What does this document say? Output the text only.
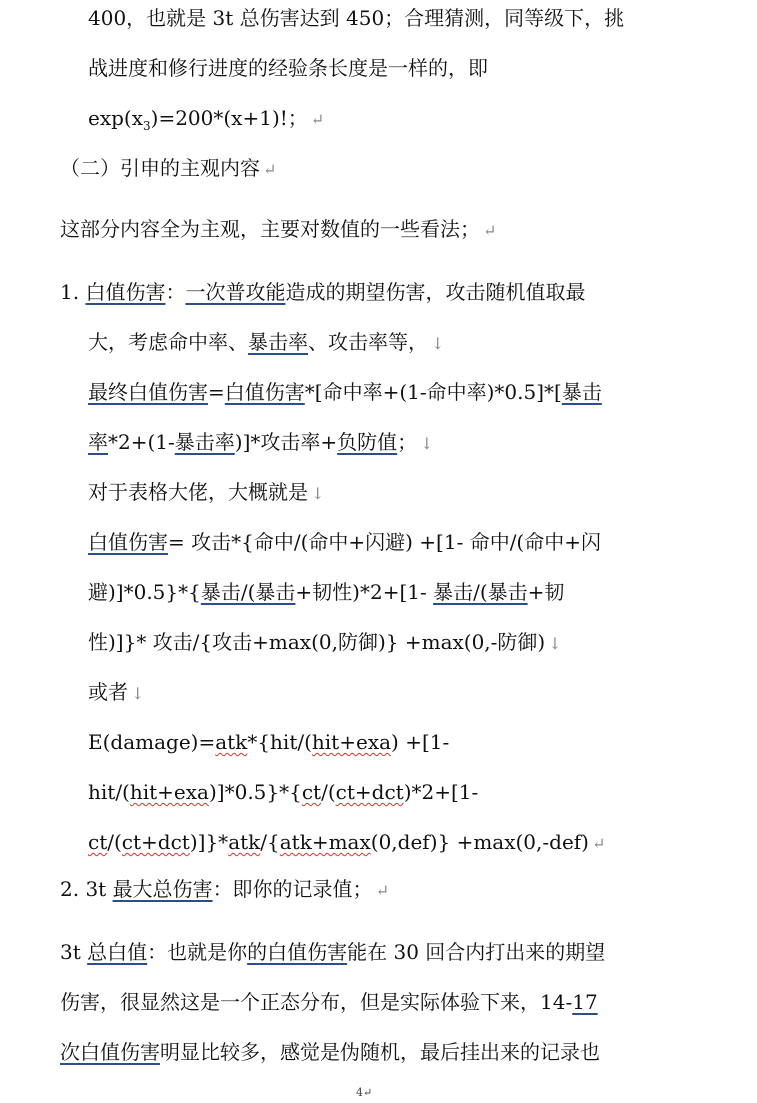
400，也就是 3t 总伤害达到 450；合理猜测，同等级下，挑
战进度和修行进度的经验条长度是一样的，即
$\exp(x_3)=200*(x+1)$!； ↵
（二）引申的主观内容 ↵
这部分内容全为主观，主要对数值的一些看法； ↵
1. 白值伤害：一次普攻能造成的期望伤害，攻击随机值取最
大，考虑命中率、暴击率、攻击率等， ↓
最终白值伤害=白值伤害*[命中率+(1-命中率)*0.5]*[暴击
率*2+(1-暴击率)]*攻击率+负防值； ↓
对于表格大佬，大概就是 ↓
白值伤害= 攻击*{命中/(命中+闪避) +[1- 命中/(命中+闪
避)]*0.5}*{暴击/(暴击+韧性)*2+[1- 暴击/(暴击+韧
性)]}* 攻击/{攻击+max(0,防御)} +max(0,-防御) ↓
或者 ↓
E(damage)=atk*{hit/(hit+exa) +[1-
hit/(hit+exa)]*0.5}*{ct/(ct+dct)*2+[1-
ct/(ct+dct)]}*atk/{atk+max(0,def)} +max(0,-def) ↵
2. 3t 最大总伤害：即你的记录值； ↵
3t 总白值：也就是你的白值伤害能在 30 回合内打出来的期望
伤害，很显然这是一个正态分布，但是实际体验下来，14-17
次白值伤害明显比较多，感觉是伪随机，最后挂出来的记录也
4↵
